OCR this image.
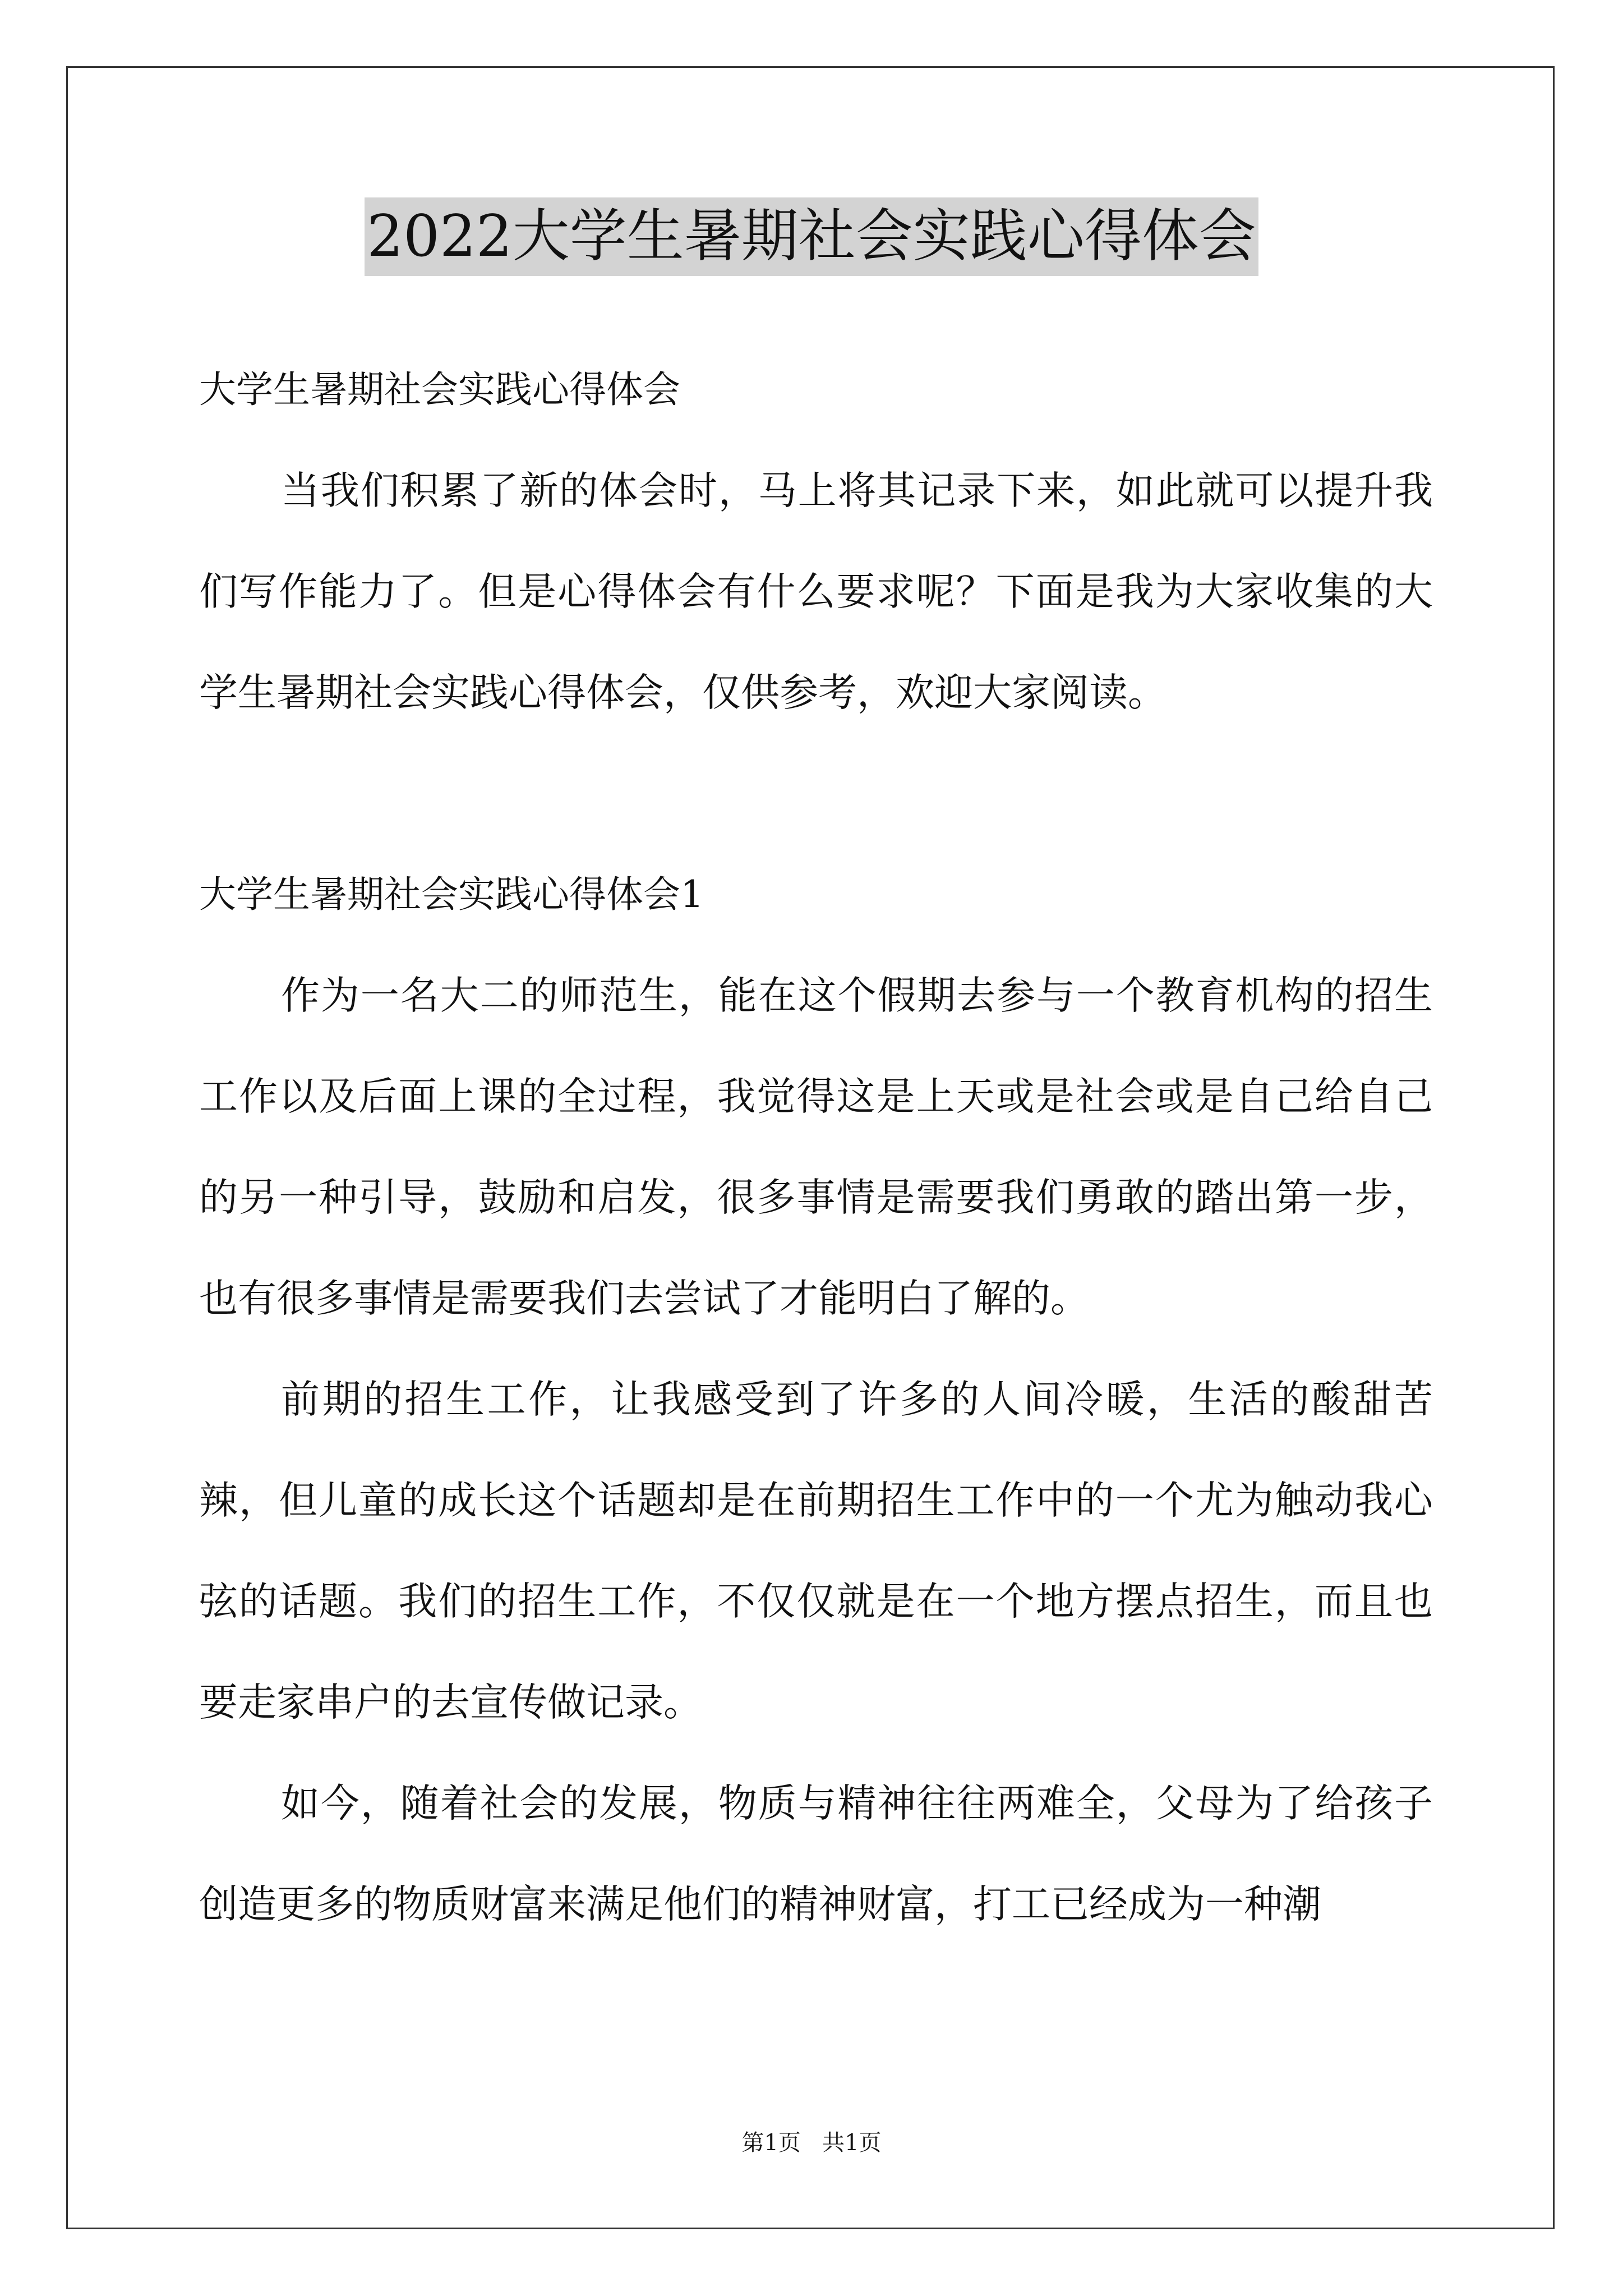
2022大学生暑期社会实践心得体会

大学生暑期社会实践心得体会

当我们积累了新的体会时，马上将其记录下来，如此就可以提升我们写作能力了。但是心得体会有什么要求呢？下面是我为大家收集的大学生暑期社会实践心得体会，仅供参考，欢迎大家阅读。

大学生暑期社会实践心得体会1

作为一名大二的师范生，能在这个假期去参与一个教育机构的招生工作以及后面上课的全过程，我觉得这是上天或是社会或是自己给自己的另一种引导，鼓励和启发，很多事情是需要我们勇敢的踏出第一步，也有很多事情是需要我们去尝试了才能明白了解的。

前期的招生工作，让我感受到了许多的人间冷暖，生活的酸甜苦辣，但儿童的成长这个话题却是在前期招生工作中的一个尤为触动我心弦的话题。我们的招生工作，不仅仅就是在一个地方摆点招生，而且也要走家串户的去宣传做记录。

如今，随着社会的发展，物质与精神往往两难全，父母为了给孩子创造更多的物质财富来满足他们的精神财富，打工已经成为一种潮

第1页   共1页
